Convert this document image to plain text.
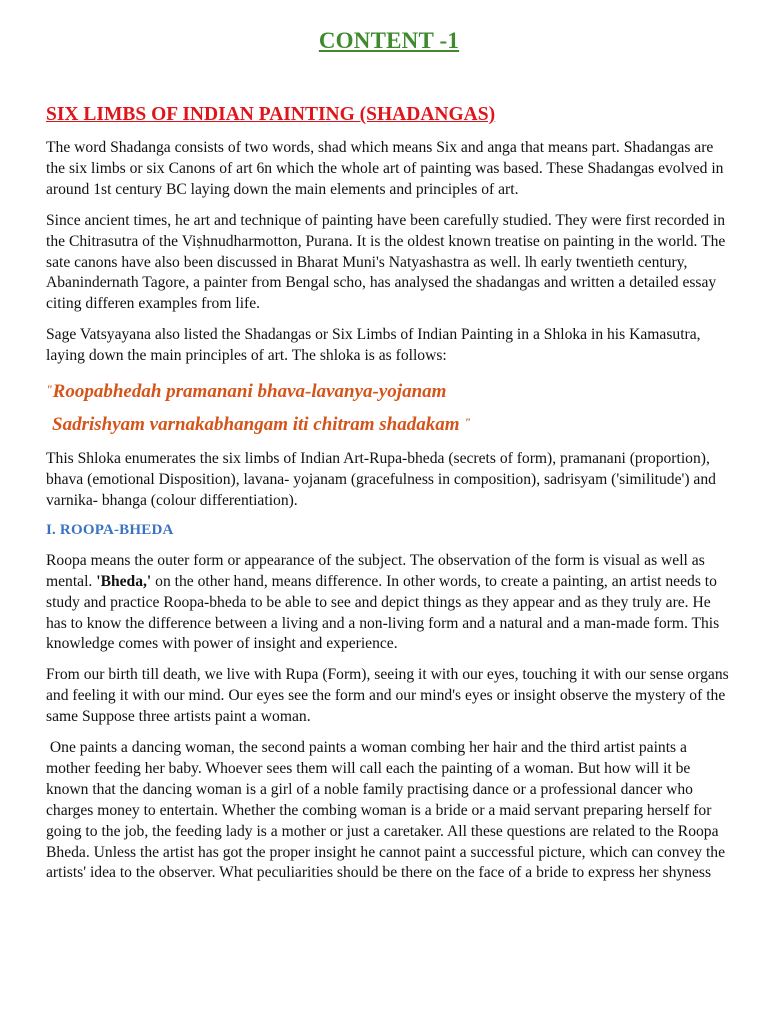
CONTENT -1
SIX LIMBS OF INDIAN PAINTING (SHADANGAS)

The word Shadanga consists of two words, shad which means Six and anga that means part. Shadangas are the six limbs or six Canons of art 6n which the whole art of painting was based. These Shadangas evolved in around 1st century BC laying down the main elements and principles of art.

Since ancient times, he art and technique of painting have been carefully studied. They were first recorded in the Chitrasutra of the Viṣhnudharmotton, Purana. It is the oldest known treatise on painting in the world. The sate canons have also been discussed in Bharat Muni's Natyashastra as well. lh early twentieth century, Abanindernath Tagore, a painter from Bengal scho, has analysed the shadangas and written a detailed essay citing differen examples from life.

Sage Vatsyayana also listed the Shadangas or Six Limbs of Indian Painting in a Shloka in his Kamasutra, laying down the main principles of art. The shloka is as follows:

"Roopabhedah pramanani bhava-lavanya-yojanam

Sadrishyam varnakabhangam iti chitram shadakam "

This Shloka enumerates the six limbs of Indian Art-Rupa-bheda (secrets of form), pramanani (proportion), bhava (emotional Disposition), lavana- yojanam (gracefulness in composition), sadrisyam ('similitude') and varnika- bhanga (colour differentiation).

I. ROOPA-BHEDA

Roopa means the outer form or appearance of the subject. The observation of the form is visual as well as mental. 'Bheda,' on the other hand, means difference. In other words, to create a painting, an artist needs to study and practice Roopa-bheda to be able to see and depict things as they appear and as they truly are. He has to know the difference between a living and a non-living form and a natural and a man-made form. This knowledge comes with power of insight and experience.

From our birth till death, we live with Rupa (Form), seeing it with our eyes, touching it with our sense organs and feeling it with our mind. Our eyes see the form and our mind's eyes or insight observe the mystery of the same Suppose three artists paint a woman.

One paints a dancing woman, the second paints a woman combing her hair and the third artist paints a mother feeding her baby. Whoever sees them will call each the painting of a woman. But how will it be known that the dancing woman is a girl of a noble family practising dance or a professional dancer who charges money to entertain. Whether the combing woman is a bride or a maid servant preparing herself for going to the job, the feeding lady is a mother or just a caretaker. All these questions are related to the Roopa Bheda. Unless the artist has got the proper insight he cannot paint a successful picture, which can convey the artists' idea to the observer. What peculiarities should be there on the face of a bride to express her shyness
